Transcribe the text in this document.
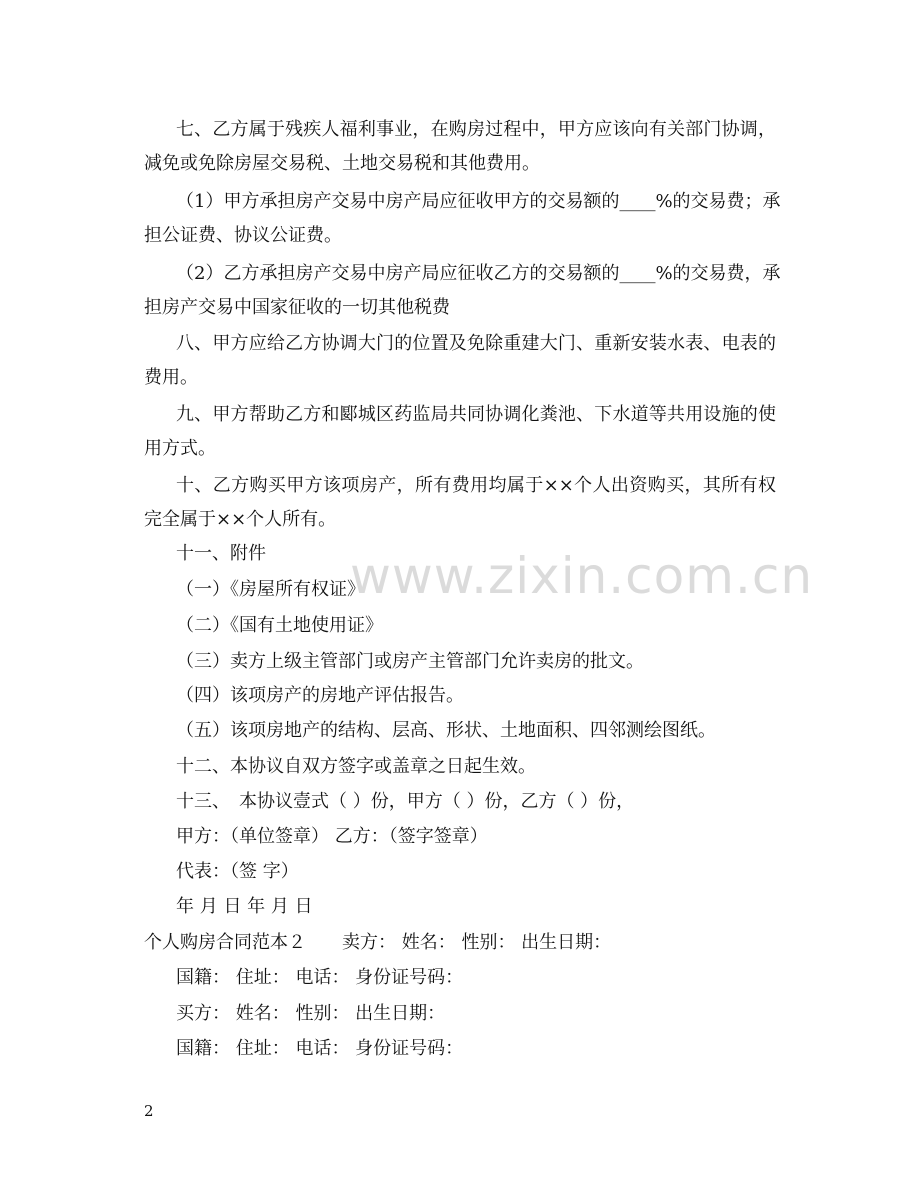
七、乙方属于残疾人福利事业，在购房过程中，甲方应该向有关部门协调，
减免或免除房屋交易税、土地交易税和其他费用。
（1）甲方承担房产交易中房产局应征收甲方的交易额的____%的交易费；承
担公证费、协议公证费。
（2）乙方承担房产交易中房产局应征收乙方的交易额的____%的交易费，承
担房产交易中国家征收的一切其他税费
八、甲方应给乙方协调大门的位置及免除重建大门、重新安装水表、电表的
费用。
九、甲方帮助乙方和郾城区药监局共同协调化粪池、下水道等共用设施的使
用方式。
十、乙方购买甲方该项房产，所有费用均属于××个人出资购买，其所有权
完全属于××个人所有。
十一、附件
（一）《房屋所有权证》
（二）《国有土地使用证》
（三）卖方上级主管部门或房产主管部门允许卖房的批文。
（四）该项房产的房地产评估报告。
（五）该项房地产的结构、层高、形状、土地面积、四邻测绘图纸。
十二、本协议自双方签字或盖章之日起生效。
十三、　本协议壹式（ ）份，甲方（ ）份，乙方（ ）份，
甲方：（单位签章） 乙方：（签字签章）
代表：（签 字）
年 月 日 年 月 日
个人购房合同范本２　　卖方： 姓名： 性别： 出生日期：
国籍： 住址： 电话： 身份证号码：
买方： 姓名： 性别： 出生日期：
国籍： 住址： 电话： 身份证号码：
www.zixin.com.cn
2
